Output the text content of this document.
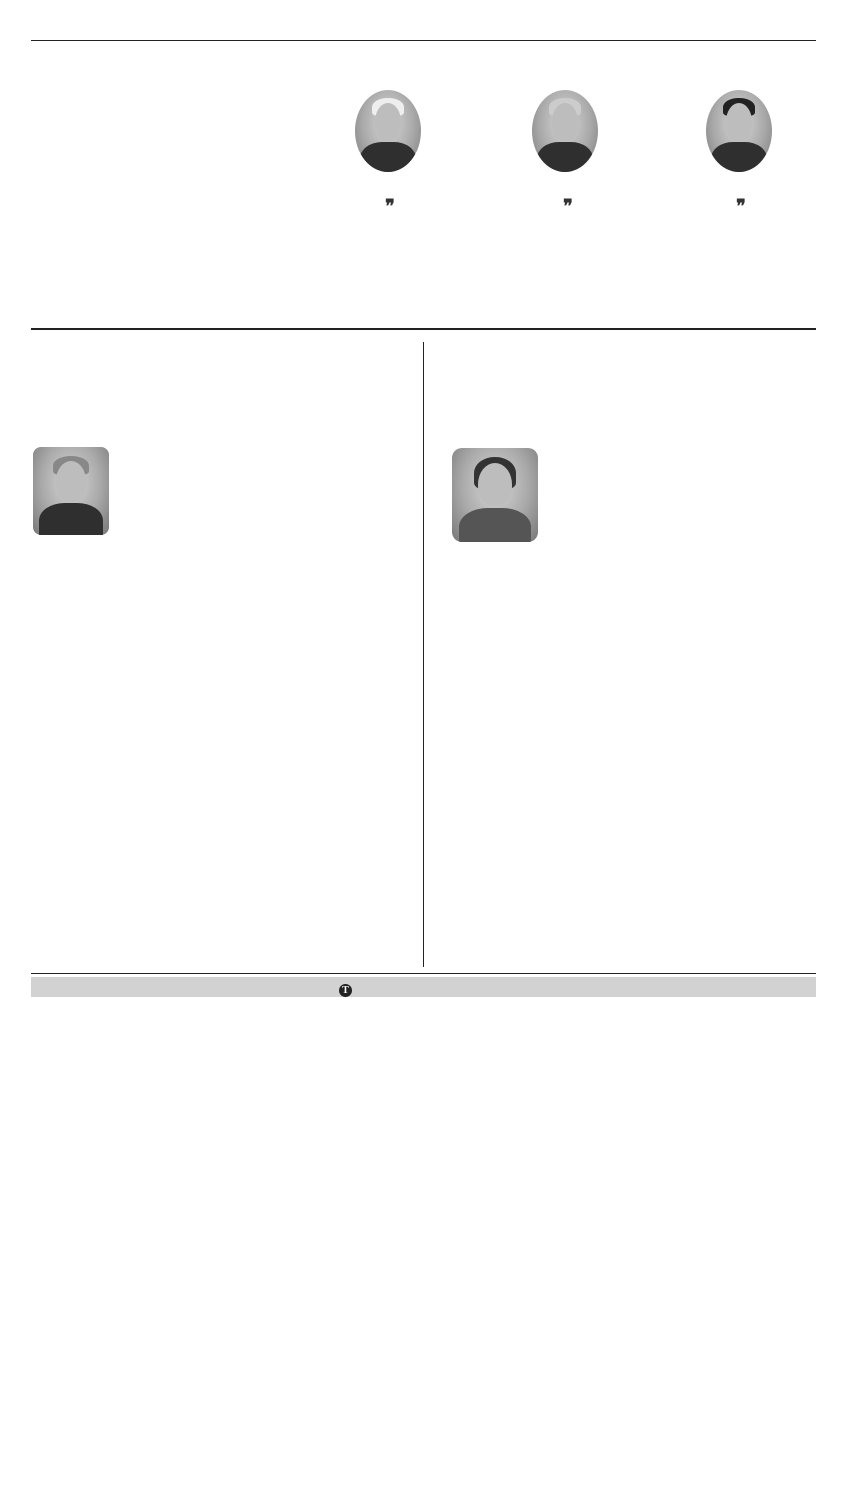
❞	❞	❞

T
